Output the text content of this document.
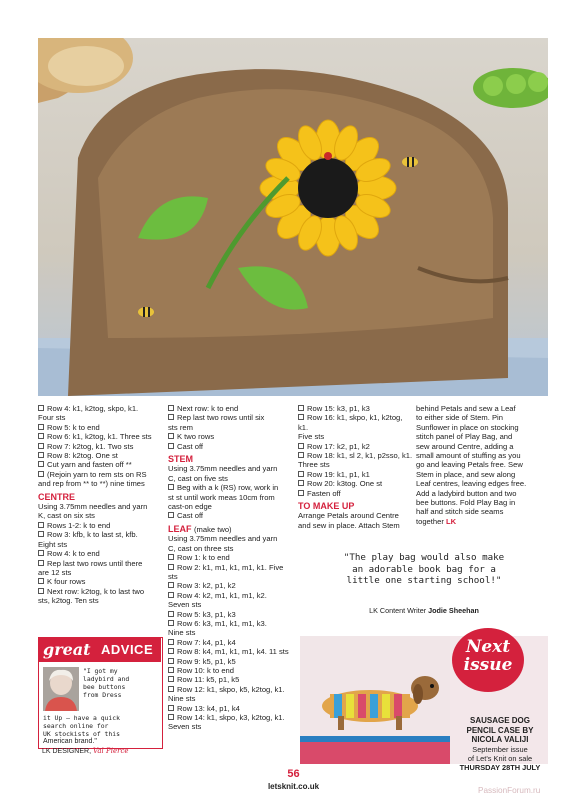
Row 4: k1, k2tog, skpo, k1.
Four sts
Row 5: k to end
Row 6: k1, k2tog, k1. Three sts
Row 7: k2tog, k1. Two sts
Row 8: k2tog. One st
Cut yarn and fasten off **
(Rejoin yarn to rem sts on RS
and rep from ** to **) nine times
CENTRE
Using 3.75mm needles and yarn
K, cast on six sts
Rows 1-2: k to end
Row 3: kfb, k to last st, kfb.
Eight sts
Row 4: k to end
Rep last two rows until there
are 12 sts
K four rows
Next row: k2tog, k to last two
sts, k2tog. Ten sts
Next row: k to end
Rep last two rows until six
sts rem
K two rows
Cast off
STEM
Using 3.75mm needles and yarn
C, cast on five sts
Beg with a k (RS) row, work in
st st until work meas 10cm from
cast-on edge
Cast off
LEAF (make two)
Using 3.75mm needles and yarn
C, cast on three sts
Row 1: k to end
Row 2: k1, m1, k1, m1, k1. Five sts
Row 3: k2, p1, k2
Row 4: k2, m1, k1, m1, k2.
Seven sts
Row 5: k3, p1, k3
Row 6: k3, m1, k1, m1, k3.
Nine sts
Row 7: k4, p1, k4
Row 8: k4, m1, k1, m1, k4. 11 sts
Row 9: k5, p1, k5
Row 10: k to end
Row 11: k5, p1, k5
Row 12: k1, skpo, k5, k2tog, k1.
Nine sts
Row 13: k4, p1, k4
Row 14: k1, skpo, k3, k2tog, k1.
Seven sts
Row 15: k3, p1, k3
Row 16: k1, skpo, k1, k2tog, k1.
Five sts
Row 17: k2, p1, k2
Row 18: k1, sl 2, k1, p2sso, k1.
Three sts
Row 19: k1, p1, k1
Row 20: k3tog. One st
Fasten off
TO MAKE UP
Arrange Petals around Centre
and sew in place. Attach Stem
behind Petals and sew a Leaf
to either side of Stem. Pin
Sunflower in place on stocking
stitch panel of Play Bag, and
sew around Centre, adding a
small amount of stuffing as you
go and leaving Petals free. Sew
Stem in place, and sew along
Leaf centres, leaving edges free.
Add a ladybird button and two
bee buttons. Fold Play Bag in
half and stitch side seams
together LK
"The play bag would also make
an adorable book bag for a
little one starting school!"
LK Content Writer Jodie Sheehan
great ADVICE
"I got my
ladybird and
bee buttons
from Dress
it Up – have a quick
search online for
UK stockists of this
American brand."
LK DESIGNER, Val Pierce
Next
issue
SAUSAGE DOG
PENCIL CASE BY
NICOLA VALIJI
September issue
of Let's Knit on sale
THURSDAY 28TH JULY
56
letsknit.co.uk	PassionForum.ru
